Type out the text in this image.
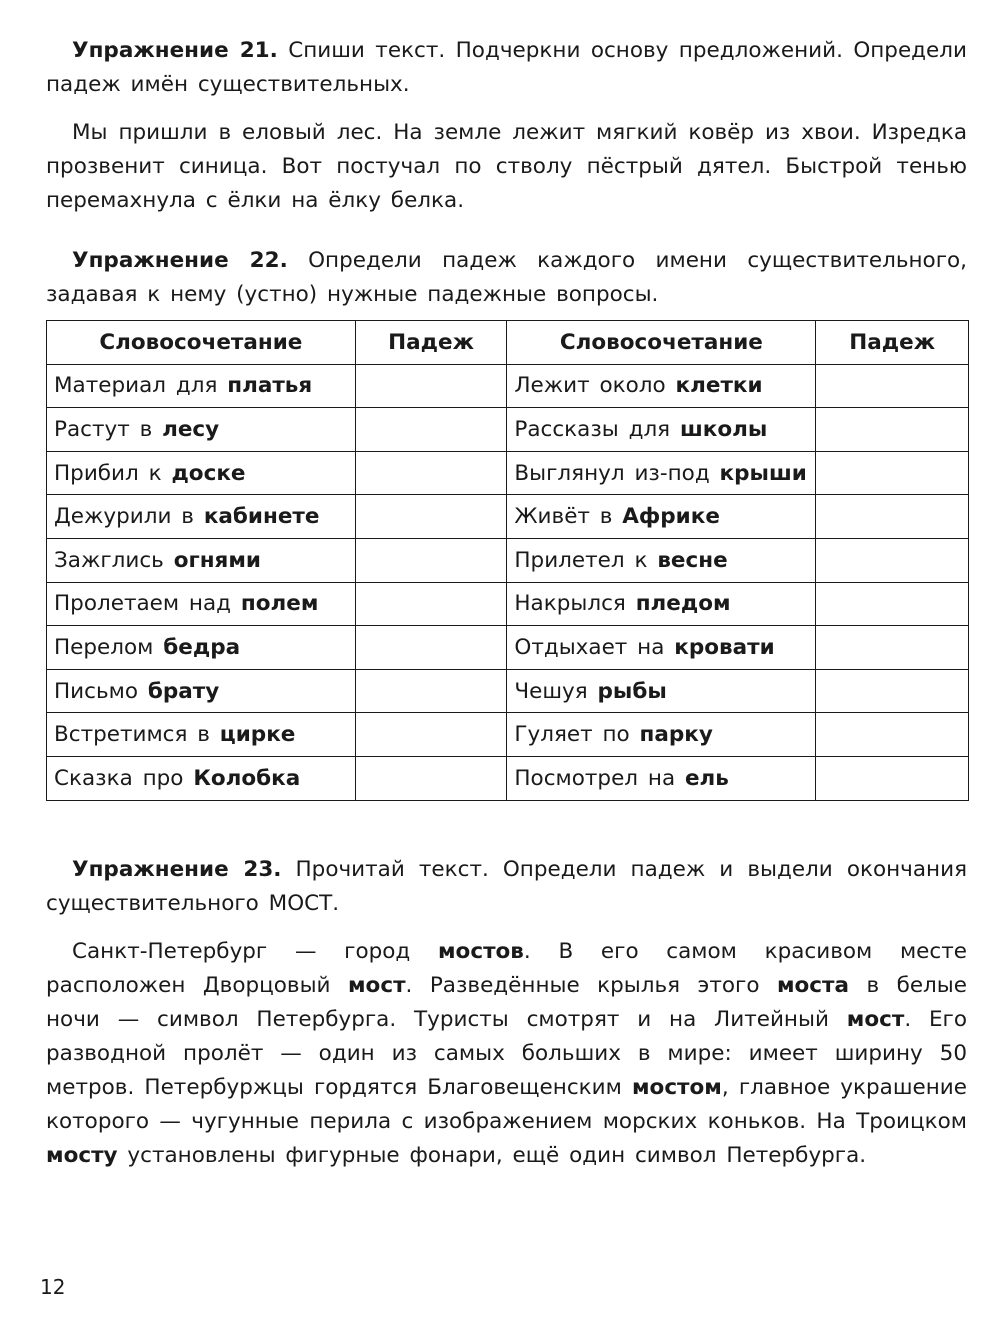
Упражнение 21. Спиши текст. Подчеркни основу предложений. Определи падеж имён существительных.

Мы пришли в еловый лес. На земле лежит мягкий ковёр из хвои. Изредка прозвенит синица. Вот постучал по стволу пёстрый дятел. Быстрой тенью перемахнула с ёлки на ёлку белка.

Упражнение 22. Определи падеж каждого имени существительного, задавая к нему (устно) нужные падежные вопросы.

Словосочетание	Падеж	Словосочетание	Падеж
Материал для платья		Лежит около клетки	
Растут в лесу		Рассказы для школы	
Прибил к доске		Выглянул из-под крыши	
Дежурили в кабинете		Живёт в Африке	
Зажглись огнями		Прилетел к весне	
Пролетаем над полем		Накрылся пледом	
Перелом бедра		Отдыхает на кровати	
Письмо брату		Чешуя рыбы	
Встретимся в цирке		Гуляет по парку	
Сказка про Колобка		Посмотрел на ель	

Упражнение 23. Прочитай текст. Определи падеж и выдели окончания существительного МОСТ.

Санкт-Петербург — город мостов. В его самом красивом месте расположен Дворцовый мост. Разведённые крылья этого моста в белые ночи — символ Петербурга. Туристы смотрят и на Литейный мост. Его разводной пролёт — один из самых больших в мире: имеет ширину 50 метров. Петербуржцы гордятся Благовещенским мостом, главное украшение которого — чугунные перила с изображением морских коньков. На Троицком мосту установлены фигурные фонари, ещё один символ Петербурга.

12
